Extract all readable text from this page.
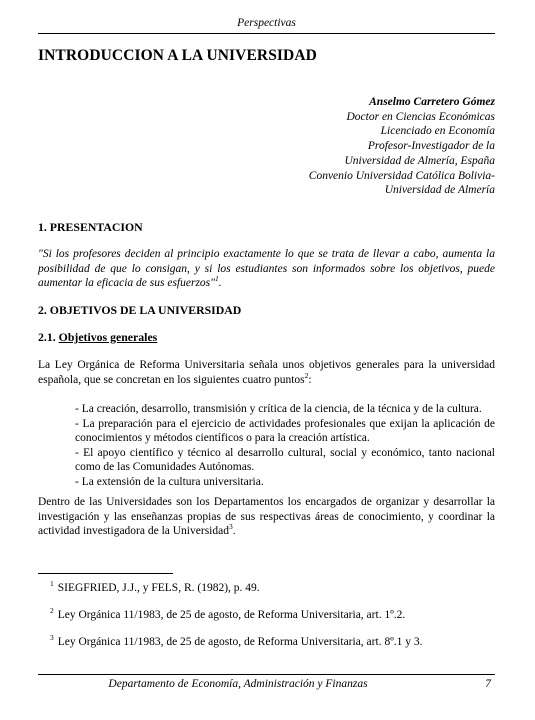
Perspectivas
INTRODUCCION A LA UNIVERSIDAD
Anselmo Carretero Gómez
Doctor en Ciencias Económicas
Licenciado en Economía
Profesor-Investigador de la
Universidad de Almería, España
Convenio Universidad Católica Bolivia-
Universidad de Almería
1. PRESENTACION

"Si los profesores deciden al principio exactamente lo que se trata de llevar a cabo, aumenta la posibilidad de que lo consigan, y si los estudiantes son informados sobre los objetivos, puede aumentar la eficacia de sus esfuerzos"$^1$.

2. OBJETIVOS DE LA UNIVERSIDAD
2.1. Objetivos generales

La Ley Orgánica de Reforma Universitaria señala unos objetivos generales para la universidad española, que se concretan en los siguientes cuatro puntos$^2$:

- La creación, desarrollo, transmisión y crítica de la ciencia, de la técnica y de la cultura.
- La preparación para el ejercicio de actividades profesionales que exijan la aplicación de conocimientos y métodos científicos o para la creación artística.
- El apoyo científico y técnico al desarrollo cultural, social y económico, tanto nacional como de las Comunidades Autónomas.
- La extensión de la cultura universitaria.

Dentro de las Universidades son los Departamentos los encargados de organizar y desarrollar la investigación y las enseñanzas propias de sus respectivas áreas de conocimiento, y coordinar la actividad investigadora de la Universidad$^3$.

$^1$ SIEGFRIED, J.J., y FELS, R. (1982), p. 49.
$^2$ Ley Orgánica 11/1983, de 25 de agosto, de Reforma Universitaria, art. 1º.2.
$^3$ Ley Orgánica 11/1983, de 25 de agosto, de Reforma Universitaria, art. 8º.1 y 3.
Departamento de Economía, Administración y Finanzas	7
